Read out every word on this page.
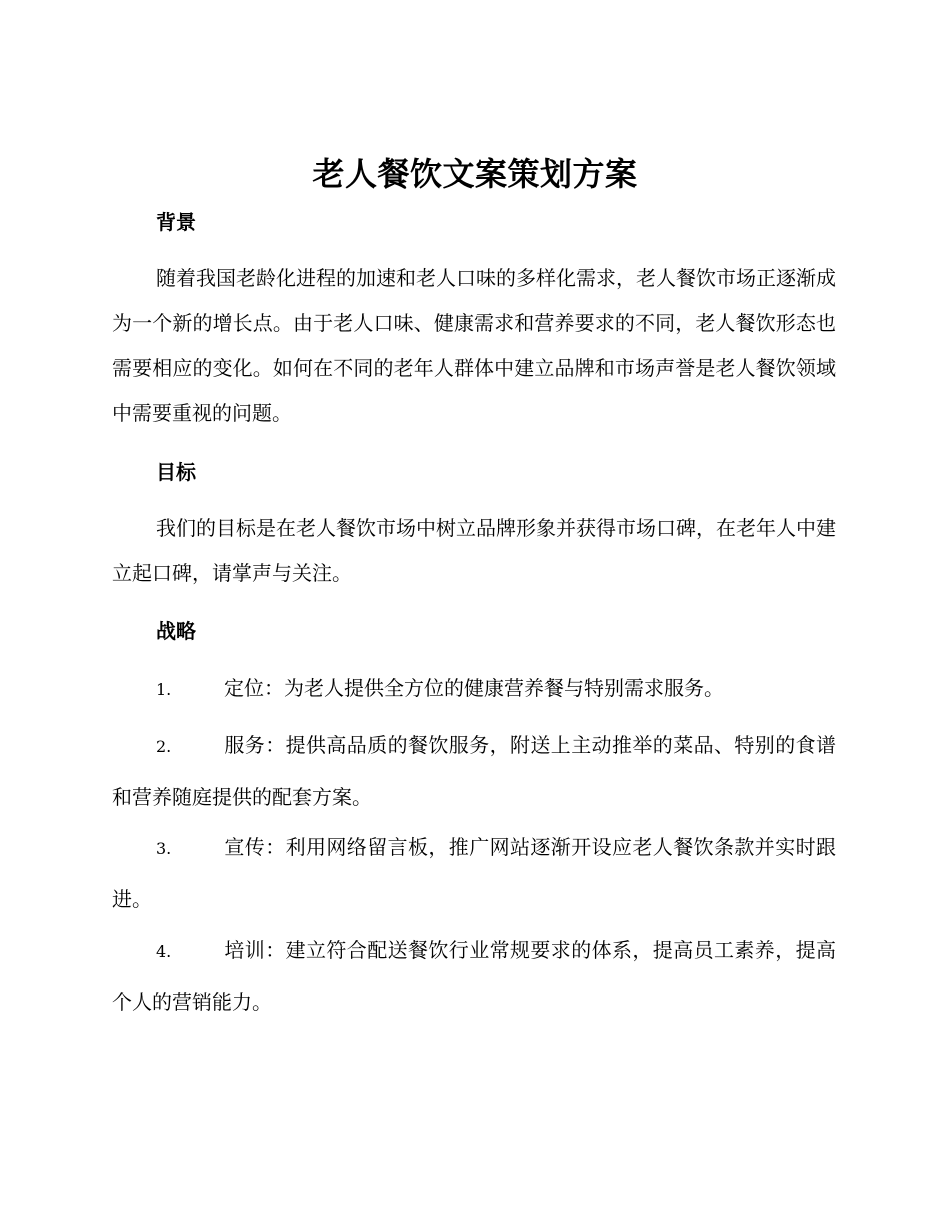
老人餐饮文案策划方案
背景

随着我国老龄化进程的加速和老人口味的多样化需求，老人餐饮市场正逐渐成为一个新的增长点。由于老人口味、健康需求和营养要求的不同，老人餐饮形态也需要相应的变化。如何在不同的老年人群体中建立品牌和市场声誉是老人餐饮领域中需要重视的问题。

目标

我们的目标是在老人餐饮市场中树立品牌形象并获得市场口碑，在老年人中建立起口碑，请掌声与关注。

战略

1.	定位：为老人提供全方位的健康营养餐与特别需求服务。

2.	服务：提供高品质的餐饮服务，附送上主动推举的菜品、特别的食谱和营养随庭提供的配套方案。

3.	宣传：利用网络留言板，推广网站逐渐开设应老人餐饮条款并实时跟进。

4.	培训：建立符合配送餐饮行业常规要求的体系，提高员工素养，提高个人的营销能力。
